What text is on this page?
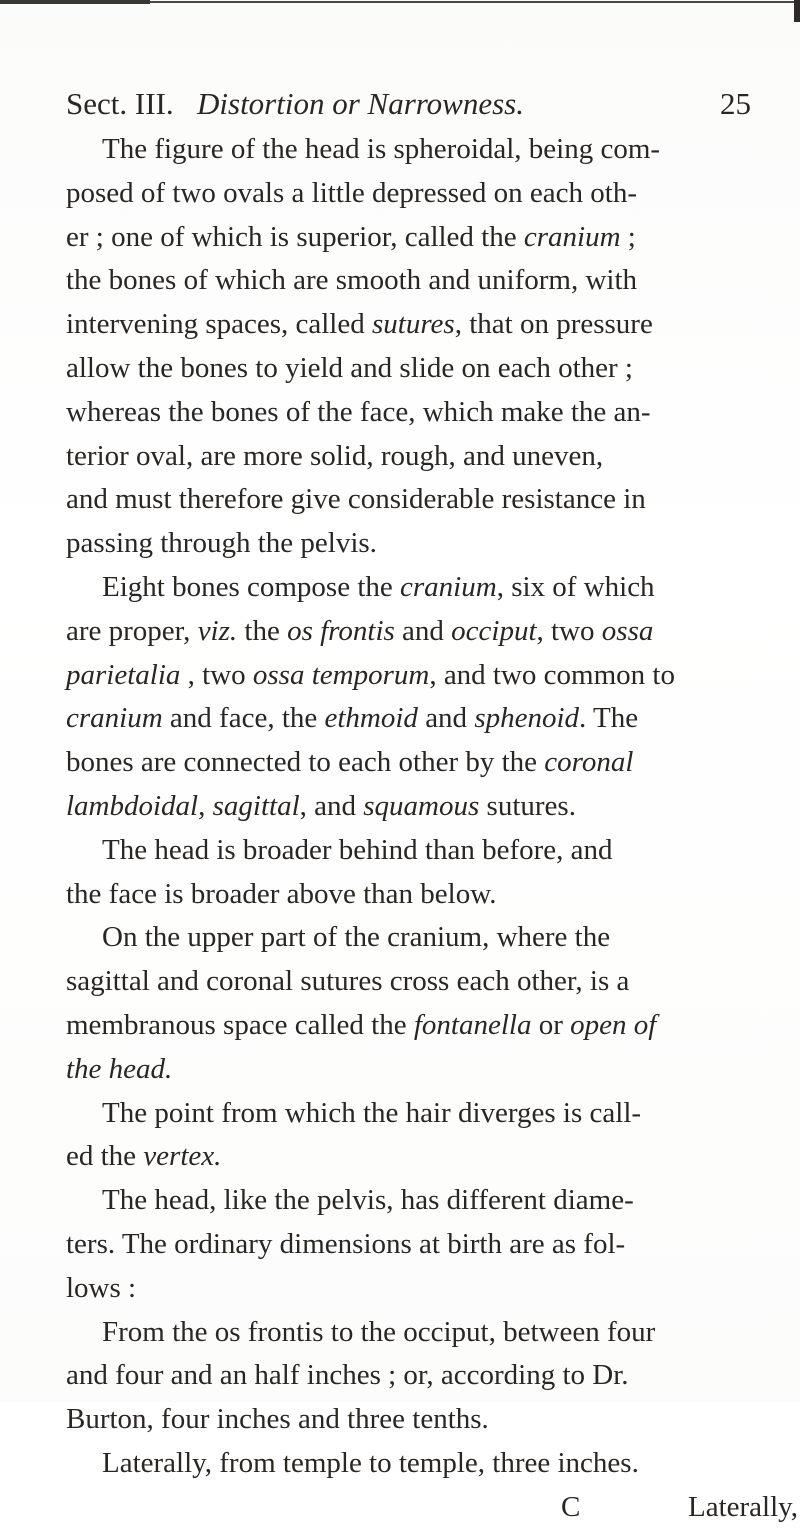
Sect. III. Distortion or Narrowness.	25
The figure of the head is spheroidal, being com-
posed of two ovals a little depressed on each oth-
er ; one of which is superior, called the cranium ;
the bones of which are smooth and uniform, with
intervening spaces, called sutures, that on pressure
allow the bones to yield and slide on each other ;
whereas the bones of the face, which make the an-
terior oval, are more solid, rough, and uneven,
and must therefore give considerable resistance in
passing through the pelvis.
Eight bones compose the cranium, six of which
are proper, viz. the os frontis and occiput, two ossa
parietalia , two ossa temporum, and two common to
cranium and face, the ethmoid and sphenoid. The
bones are connected to each other by the coronal
lambdoidal, sagittal, and squamous sutures.
The head is broader behind than before, and
the face is broader above than below.
On the upper part of the cranium, where the
sagittal and coronal sutures cross each other, is a
membranous space called the fontanella or open of
the head.
The point from which the hair diverges is call-
ed the vertex.
The head, like the pelvis, has different diame-
ters. The ordinary dimensions at birth are as fol-
lows :
From the os frontis to the occiput, between four
and four and an half inches ; or, according to Dr.
Burton, four inches and three tenths.
Laterally, from temple to temple, three inches.
C	Laterally,
